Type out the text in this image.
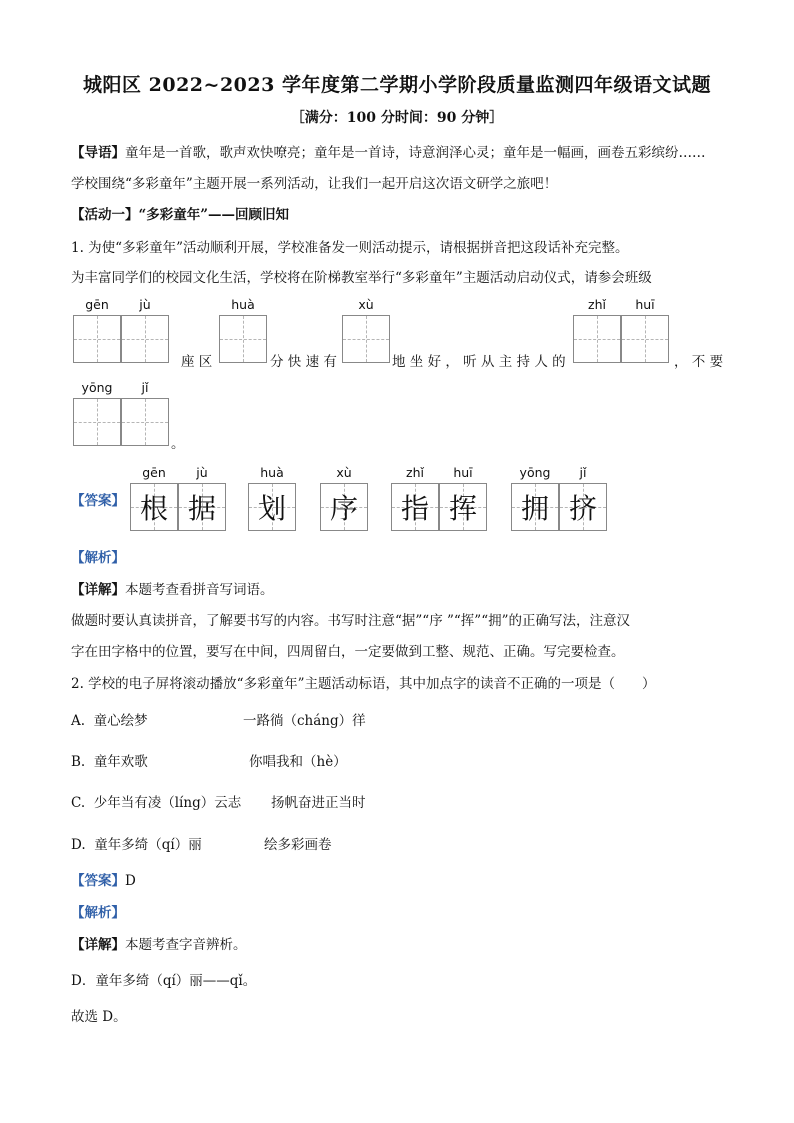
城阳区 2022~2023 学年度第二学期小学阶段质量监测四年级语文试题
［满分：100 分时间：90 分钟］
【导语】童年是一首歌，歌声欢快嘹亮；童年是一首诗，诗意润泽心灵；童年是一幅画，画卷五彩缤纷……
学校围绕“多彩童年”主题开展一系列活动，让我们一起开启这次语文研学之旅吧！
【活动一】“多彩童年”——回顾旧知
1. 为使“多彩童年”活动顺利开展，学校准备发一则活动提示，请根据拼音把这段话补充完整。
为丰富同学们的校园文化生活，学校将在阶梯教室举行“多彩童年”主题活动启动仪式，请参会班级
gēn	jù
座 区
huà
分 快 速 有
xù
地 坐 好 ， 听 从 主 持 人 的
zhǐ	huī
， 不 要
yōng	jǐ
。
【答案】
gēn	jù
根 据
huà
划
xù
序
zhǐ	huī
指 挥
yōng	jǐ
拥 挤
【解析】
【详解】本题考查看拼音写词语。
做题时要认真读拼音，了解要书写的内容。书写时注意“据”“序 ”“挥”“拥”的正确写法，注意汉
字在田字格中的位置，要写在中间，四周留白，一定要做到工整、规范、正确。写完要检查。
2. 学校的电子屏将滚动播放“多彩童年”主题活动标语，其中加点字的读音不正确的一项是（　　）
A. 童心绘梦	一路徜（cháng）徉
B. 童年欢歌	你唱我和（hè）
C. 少年当有凌（líng）云志 扬帆奋进正当时
D. 童年多绮（qí）丽	绘多彩画卷
【答案】D
【解析】
【详解】本题考查字音辨析。
D．童年多绮（qí）丽——qǐ。
故选 D。
